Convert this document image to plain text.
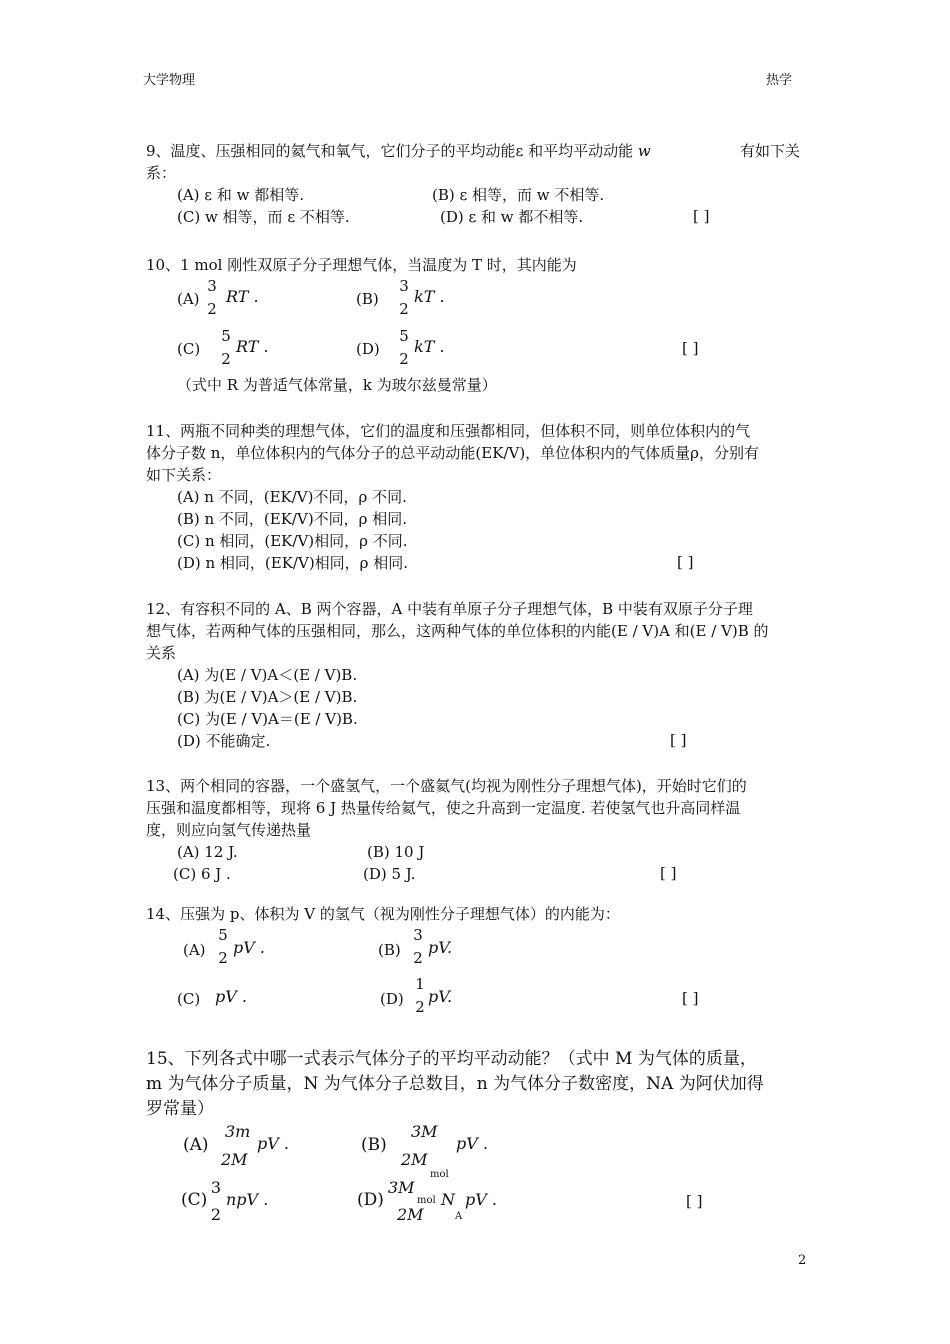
大学物理	热学
9、温度、压强相同的氦气和氧气，它们分子的平均动能ε 和平均平动动能 w	有如下关
系：
(A) ε 和 w 都相等.	(B) ε 相等，而 w 不相等.
(C) w 相等，而 ε 不相等.	(D) ε 和 w 都不相等.	[ ]
10、1 mol 刚性双原子分子理想气体，当温度为 T 时，其内能为
(A)
3
2
RT .	(B)
3
2
kT .
(C)
5
2
RT .	(D)
5
2
kT .	[ ]
（式中 R 为普适气体常量，k 为玻尔兹曼常量）
11、两瓶不同种类的理想气体，它们的温度和压强都相同，但体积不同，则单位体积内的气
体分子数 n，单位体积内的气体分子的总平动动能(EK/V)，单位体积内的气体质量ρ，分别有
如下关系：
(A) n 不同，(EK/V)不同，ρ 不同.
(B) n 不同，(EK/V)不同，ρ 相同.
(C) n 相同，(EK/V)相同，ρ 不同.
(D) n 相同，(EK/V)相同，ρ 相同.	[ ]
12、有容积不同的 A、B 两个容器，A 中装有单原子分子理想气体，B 中装有双原子分子理
想气体，若两种气体的压强相同，那么，这两种气体的单位体积的内能(E / V)A 和(E / V)B 的
关系
(A) 为(E / V)A＜(E / V)B.
(B) 为(E / V)A＞(E / V)B.
(C) 为(E / V)A＝(E / V)B.
(D) 不能确定.	[ ]
13、两个相同的容器，一个盛氢气，一个盛氦气(均视为刚性分子理想气体)，开始时它们的
压强和温度都相等，现将 6 J 热量传给氦气，使之升高到一定温度. 若使氢气也升高同样温
度，则应向氢气传递热量
(A) 12 J.	(B) 10 J
(C) 6 J .	(D) 5 J.	[ ]
14、压强为 p、体积为 V 的氢气（视为刚性分子理想气体）的内能为：
(A)
5
2
pV .	(B)
3
2
pV.
(C) pV .	(D)
1
2
pV.	[ ]
15、下列各式中哪一式表示气体分子的平均平动动能？（式中 M 为气体的质量，
m 为气体分子质量，N 为气体分子总数目，n 为气体分子数密度，NA 为阿伏加得
罗常量）
(A)
3m
2M
pV .	(B)
3M
2M
mol
pV .
(C)
3
2
npV .	(D)
3M
mol
2M
N
A
pV .	[ ]
2
